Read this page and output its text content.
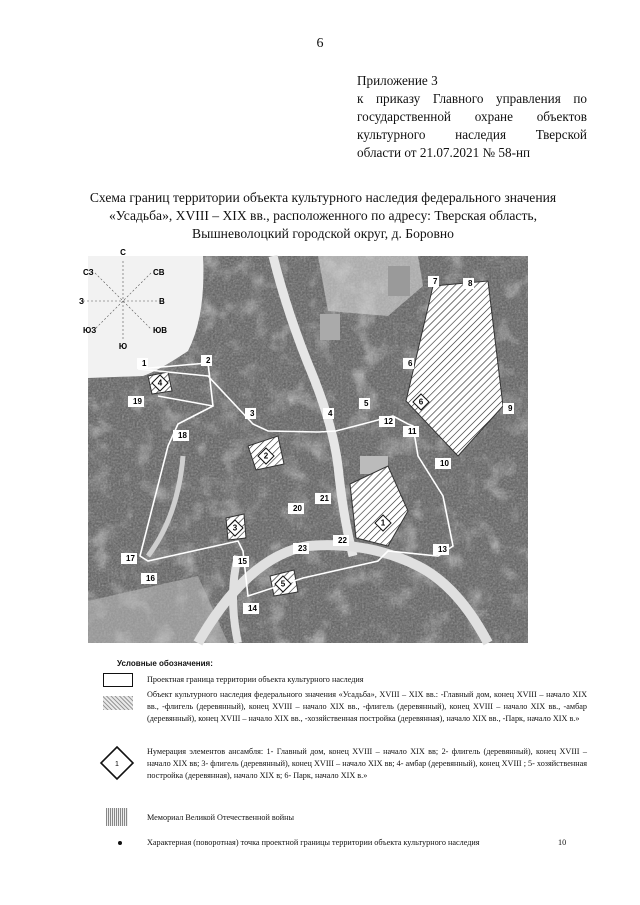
6
Приложение 3
к приказу Главного управления по
государственной охране объектов
культурного наследия Тверской
области от 21.07.2021 № 58-нп
Схема границ территории объекта культурного наследия федерального значения «Усадьба», XVIII – XIX вв., расположенного по адресу: Тверская область, Вышневолоцкий городской округ, д. Боровно
С
СВ
В
ЮВ
Ю
ЮЗ
З
СЗ
1
2
3
4
5
6
1	2
3	4
5
6
7	8
9
10
11
12
13
14
15
16
17
18
19
20
21
22
23
Условные обозначения:
Проектная граница территории объекта культурного наследия
Объект культурного наследия федерального значения «Усадьба», XVIII – XIX вв.: -Главный дом, конец XVIII – начало XIX вв., -флигель (деревянный), конец XVIII – начало XIX вв., -флигель (деревянный), конец XVIII – начало XIX вв., -амбар (деревянный), конец XVIII – начало XIX вв., -хозяйственная постройка (деревянная), начало XIX вв., -Парк, начало XIX в.»
1
Нумерация элементов ансамбля: 1- Главный дом, конец XVIII – начало XIX вв; 2- флигель (деревянный), конец XVIII – начало XIX вв; 3- флигель (деревянный), конец XVIII – начало XIX вв; 4- амбар (деревянный), конец XVIII ; 5- хозяйственная постройка (деревянная), начало XIX в; 6- Парк, начало XIX в.»
Мемориал Великой Отечественной войны
Характерная (поворотная) точка проектной границы территории объекта культурного наследия	10
